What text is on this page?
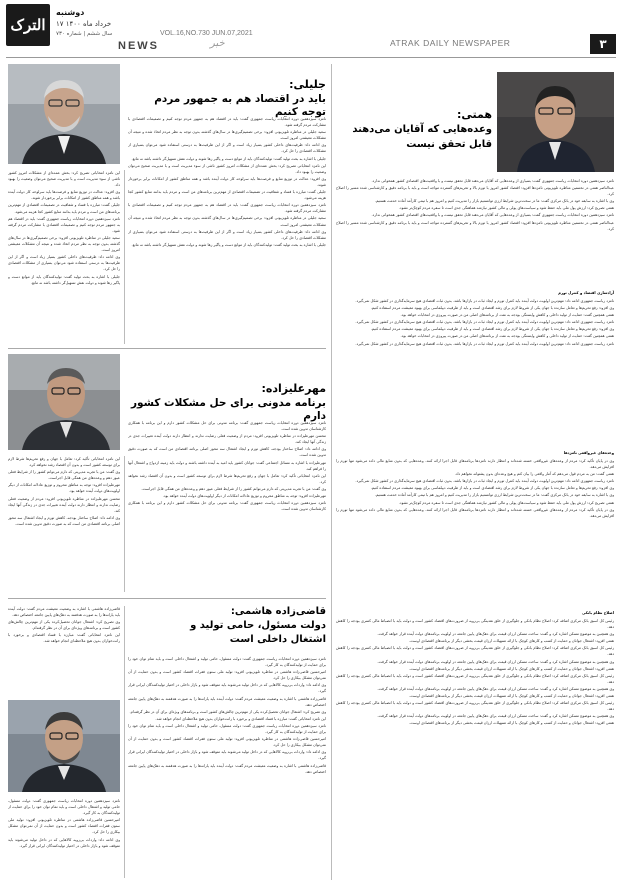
الترک
دوشنبه
۱۷ خرداد ماه ۱۴۰۰
سال ششم | شماره ۷۳۰	VOL.16,NO.730 JUN.07,2021
NEWS	خبر	ATRAK DAILY NEWSPAPER	۳
همتی:
وعده‌هایی که آقایان می‌دهند
قابل تحقق نیست

نامزد سیزدهمین دوره انتخابات ریاست جمهوری گفت: بسیاری از وعده‌هایی که آقایان می‌دهند قابل تحقق نیست و با واقعیت‌های اقتصادی کشور همخوانی ندارد.

عبدالناصر همتی در نخستین مناظره تلویزیونی نامزدها افزود: اقتصاد کشور امروز با تورم بالا و تحریم‌های گسترده مواجه است و باید با برنامه دقیق و کارشناسی شده مسیر را اصلاح کرد.

وی با اشاره به سابقه خود در بانک مرکزی گفت: ما در سخت‌ترین شرایط ارزی توانستیم بازار را مدیریت کنیم و امروز هم با تیمی کارآمد آماده خدمت هستیم.

همتی تصریح کرد: ارزش پول ملی باید حفظ شود و سیاست‌های پولی و مالی کشور نیازمند هماهنگی جدی است تا سفره مردم کوچک‌تر نشود.

نامزد سیزدهمین دوره انتخابات ریاست جمهوری گفت: بسیاری از وعده‌هایی که آقایان می‌دهند قابل تحقق نیست و با واقعیت‌های اقتصادی کشور همخوانی ندارد.

عبدالناصر همتی در نخستین مناظره تلویزیونی نامزدها افزود: اقتصاد کشور امروز با تورم بالا و تحریم‌های گسترده مواجه است و باید با برنامه دقیق و کارشناسی شده مسیر را اصلاح کرد.

آزادسازی اقتصاد و کنترل تورم

نامزد ریاست جمهوری ادامه داد: مهم‌ترین اولویت دولت آینده باید کنترل تورم و ایجاد ثبات در بازارها باشد. بدون ثبات اقتصادی هیچ سرمایه‌گذاری در کشور شکل نمی‌گیرد.

وی افزود: رفع تحریم‌ها و تعامل سازنده با جهان یکی از شروط لازم برای رشد اقتصادی است و باید از ظرفیت دیپلماسی برای بهبود معیشت مردم استفاده کنیم.

همتی همچنین گفت: حمایت از تولید داخلی و کاهش وابستگی بودجه به نفت از برنامه‌های اصلی من در صورت پیروزی در انتخابات خواهد بود.

نامزد ریاست جمهوری ادامه داد: مهم‌ترین اولویت دولت آینده باید کنترل تورم و ایجاد ثبات در بازارها باشد. بدون ثبات اقتصادی هیچ سرمایه‌گذاری در کشور شکل نمی‌گیرد.

وی افزود: رفع تحریم‌ها و تعامل سازنده با جهان یکی از شروط لازم برای رشد اقتصادی است و باید از ظرفیت دیپلماسی برای بهبود معیشت مردم استفاده کنیم.

همتی همچنین گفت: حمایت از تولید داخلی و کاهش وابستگی بودجه به نفت از برنامه‌های اصلی من در صورت پیروزی در انتخابات خواهد بود.

نامزد ریاست جمهوری ادامه داد: مهم‌ترین اولویت دولت آینده باید کنترل تورم و ایجاد ثبات در بازارها باشد. بدون ثبات اقتصادی هیچ سرمایه‌گذاری در کشور شکل نمی‌گیرد.

وعده‌های غیرواقعی نامزدها

وی در پایان تأکید کرد: مردم از وعده‌های غیرواقعی خسته شده‌اند و انتظار دارند نامزدها برنامه‌های قابل اجرا ارائه کنند. وعده‌هایی که بدون منابع مالی داده می‌شود تنها تورم را افزایش می‌دهد.

همتی گفت: من به مردم قول می‌دهم که آمار واقعی را بیان کنم و هیچ وعده‌ای بدون پشتوانه نخواهم داد.

نامزد ریاست جمهوری ادامه داد: مهم‌ترین اولویت دولت آینده باید کنترل تورم و ایجاد ثبات در بازارها باشد. بدون ثبات اقتصادی هیچ سرمایه‌گذاری در کشور شکل نمی‌گیرد.

وی افزود: رفع تحریم‌ها و تعامل سازنده با جهان یکی از شروط لازم برای رشد اقتصادی است و باید از ظرفیت دیپلماسی برای بهبود معیشت مردم استفاده کنیم.

وی با اشاره به سابقه خود در بانک مرکزی گفت: ما در سخت‌ترین شرایط ارزی توانستیم بازار را مدیریت کنیم و امروز هم با تیمی کارآمد آماده خدمت هستیم.

همتی تصریح کرد: ارزش پول ملی باید حفظ شود و سیاست‌های پولی و مالی کشور نیازمند هماهنگی جدی است تا سفره مردم کوچک‌تر نشود.

وی در پایان تأکید کرد: مردم از وعده‌های غیرواقعی خسته شده‌اند و انتظار دارند نامزدها برنامه‌های قابل اجرا ارائه کنند. وعده‌هایی که بدون منابع مالی داده می‌شود تنها تورم را افزایش می‌دهد.

اصلاح نظام بانکی

رئیس کل اسبق بانک مرکزی اضافه کرد: اصلاح نظام بانکی و جلوگیری از خلق نقدینگی بی‌رویه از ضرورت‌های اقتصاد کشور است و دولت باید با انضباط مالی کسری بودجه را کاهش دهد.

وی همچنین به موضوع مسکن اشاره کرد و گفت: ساخت مسکن ارزان قیمت برای دهک‌های پایین جامعه در اولویت برنامه‌های دولت آینده قرار خواهد گرفت.

همتی افزود: اشتغال جوانان و حمایت از کسب و کارهای کوچک با ارائه تسهیلات ارزان قیمت بخشی دیگر از برنامه‌های اقتصادی اوست.

رئیس کل اسبق بانک مرکزی اضافه کرد: اصلاح نظام بانکی و جلوگیری از خلق نقدینگی بی‌رویه از ضرورت‌های اقتصاد کشور است و دولت باید با انضباط مالی کسری بودجه را کاهش دهد.

وی همچنین به موضوع مسکن اشاره کرد و گفت: ساخت مسکن ارزان قیمت برای دهک‌های پایین جامعه در اولویت برنامه‌های دولت آینده قرار خواهد گرفت.

همتی افزود: اشتغال جوانان و حمایت از کسب و کارهای کوچک با ارائه تسهیلات ارزان قیمت بخشی دیگر از برنامه‌های اقتصادی اوست.

رئیس کل اسبق بانک مرکزی اضافه کرد: اصلاح نظام بانکی و جلوگیری از خلق نقدینگی بی‌رویه از ضرورت‌های اقتصاد کشور است و دولت باید با انضباط مالی کسری بودجه را کاهش دهد.

وی همچنین به موضوع مسکن اشاره کرد و گفت: ساخت مسکن ارزان قیمت برای دهک‌های پایین جامعه در اولویت برنامه‌های دولت آینده قرار خواهد گرفت.

همتی افزود: اشتغال جوانان و حمایت از کسب و کارهای کوچک با ارائه تسهیلات ارزان قیمت بخشی دیگر از برنامه‌های اقتصادی اوست.

رئیس کل اسبق بانک مرکزی اضافه کرد: اصلاح نظام بانکی و جلوگیری از خلق نقدینگی بی‌رویه از ضرورت‌های اقتصاد کشور است و دولت باید با انضباط مالی کسری بودجه را کاهش دهد.

وی همچنین به موضوع مسکن اشاره کرد و گفت: ساخت مسکن ارزان قیمت برای دهک‌های پایین جامعه در اولویت برنامه‌های دولت آینده قرار خواهد گرفت.

همتی افزود: اشتغال جوانان و حمایت از کسب و کارهای کوچک با ارائه تسهیلات ارزان قیمت بخشی دیگر از برنامه‌های اقتصادی اوست.

جلیلی:
باید در اقتصاد هم به جمهور مردم توجه کنیم

نامزد سیزدهمین دوره انتخابات ریاست جمهوری گفت: باید در اقتصاد هم به جمهور مردم توجه کنیم و تصمیمات اقتصادی با مشارکت مردم گرفته شود.

سعید جلیلی در مناظره تلویزیونی افزود: برخی تصمیم‌گیری‌ها در سال‌های گذشته بدون توجه به نظر مردم اتخاذ شده و نتیجه آن مشکلات معیشتی امروز است.

وی ادامه داد: ظرفیت‌های داخلی کشور بسیار زیاد است و اگر از این ظرفیت‌ها به درستی استفاده شود می‌توان بسیاری از مشکلات اقتصادی را حل کرد.

جلیلی با اشاره به بحث تولید گفت: تولیدکنندگان باید از موانع دست و پاگیر رها شوند و دولت نقش تسهیل‌گر داشته باشد نه مانع.

این نامزد انتخاباتی تصریح کرد: بخش عمده‌ای از مشکلات امروز کشور ناشی از سوء مدیریت است و با مدیریت صحیح می‌توان وضعیت را بهبود داد.

وی افزود: عدالت در توزیع منابع و فرصت‌ها باید سرلوحه کار دولت آینده باشد و همه مناطق کشور از امکانات برابر برخوردار شوند.

جلیلی گفت: مبارزه با فساد و شفافیت در تصمیمات اقتصادی از مهم‌ترین برنامه‌های من است و مردم باید بدانند منابع کشور کجا هزینه می‌شود.

نامزد سیزدهمین دوره انتخابات ریاست جمهوری گفت: باید در اقتصاد هم به جمهور مردم توجه کنیم و تصمیمات اقتصادی با مشارکت مردم گرفته شود.

سعید جلیلی در مناظره تلویزیونی افزود: برخی تصمیم‌گیری‌ها در سال‌های گذشته بدون توجه به نظر مردم اتخاذ شده و نتیجه آن مشکلات معیشتی امروز است.

وی ادامه داد: ظرفیت‌های داخلی کشور بسیار زیاد است و اگر از این ظرفیت‌ها به درستی استفاده شود می‌توان بسیاری از مشکلات اقتصادی را حل کرد.

جلیلی با اشاره به بحث تولید گفت: تولیدکنندگان باید از موانع دست و پاگیر رها شوند و دولت نقش تسهیل‌گر داشته باشد نه مانع.

این نامزد انتخاباتی تصریح کرد: بخش عمده‌ای از مشکلات امروز کشور ناشی از سوء مدیریت است و با مدیریت صحیح می‌توان وضعیت را بهبود داد.

وی افزود: عدالت در توزیع منابع و فرصت‌ها باید سرلوحه کار دولت آینده باشد و همه مناطق کشور از امکانات برابر برخوردار شوند.

جلیلی گفت: مبارزه با فساد و شفافیت در تصمیمات اقتصادی از مهم‌ترین برنامه‌های من است و مردم باید بدانند منابع کشور کجا هزینه می‌شود.

نامزد سیزدهمین دوره انتخابات ریاست جمهوری گفت: باید در اقتصاد هم به جمهور مردم توجه کنیم و تصمیمات اقتصادی با مشارکت مردم گرفته شود.

سعید جلیلی در مناظره تلویزیونی افزود: برخی تصمیم‌گیری‌ها در سال‌های گذشته بدون توجه به نظر مردم اتخاذ شده و نتیجه آن مشکلات معیشتی امروز است.

وی ادامه داد: ظرفیت‌های داخلی کشور بسیار زیاد است و اگر از این ظرفیت‌ها به درستی استفاده شود می‌توان بسیاری از مشکلات اقتصادی را حل کرد.

جلیلی با اشاره به بحث تولید گفت: تولیدکنندگان باید از موانع دست و پاگیر رها شوند و دولت نقش تسهیل‌گر داشته باشد نه مانع.

مهرعلیزاده:
برنامه مدونی برای حل مشکلات کشور دارم

نامزد سیزدهمین دوره انتخابات ریاست جمهوری گفت: برنامه مدونی برای حل مشکلات کشور دارم و این برنامه با همکاری کارشناسان تدوین شده است.

محسن مهرعلیزاده در مناظره تلویزیونی افزود: مردم از وضعیت فعلی رضایت ندارند و انتظار دارند دولت آینده تغییرات جدی در زندگی آنها ایجاد کند.

وی ادامه داد: اصلاح ساختار بودجه، کاهش تورم و ایجاد اشتغال سه محور اصلی برنامه اقتصادی من است که به صورت دقیق تدوین شده است.

مهرعلیزاده با اشاره به مسائل اجتماعی گفت: جوانان کشور باید امید به آینده داشته باشند و دولت باید زمینه ازدواج و اشتغال آنها را فراهم کند.

این نامزد انتخاباتی تأکید کرد: تعامل با جهان و رفع تحریم‌ها شرط لازم برای توسعه کشور است و بدون آن اقتصاد رشد نخواهد کرد.

وی گفت: من با تجربه مدیریتی که دارم می‌توانم کشور را از شرایط فعلی عبور دهم و وعده‌های من همگی قابل اجراست.

مهرعلیزاده افزود: توجه به مناطق محروم و توزیع عادلانه امکانات از دیگر اولویت‌های دولت آینده خواهد بود.

نامزد سیزدهمین دوره انتخابات ریاست جمهوری گفت: برنامه مدونی برای حل مشکلات کشور دارم و این برنامه با همکاری کارشناسان تدوین شده است.

این نامزد انتخاباتی تأکید کرد: تعامل با جهان و رفع تحریم‌ها شرط لازم برای توسعه کشور است و بدون آن اقتصاد رشد نخواهد کرد.

وی گفت: من با تجربه مدیریتی که دارم می‌توانم کشور را از شرایط فعلی عبور دهم و وعده‌های من همگی قابل اجراست.

مهرعلیزاده افزود: توجه به مناطق محروم و توزیع عادلانه امکانات از دیگر اولویت‌های دولت آینده خواهد بود.

محسن مهرعلیزاده در مناظره تلویزیونی افزود: مردم از وضعیت فعلی رضایت ندارند و انتظار دارند دولت آینده تغییرات جدی در زندگی آنها ایجاد کند.

وی ادامه داد: اصلاح ساختار بودجه، کاهش تورم و ایجاد اشتغال سه محور اصلی برنامه اقتصادی من است که به صورت دقیق تدوین شده است.

قاضی‌زاده هاشمی:
دولت مسئول، حامی تولید و
اشتغال داخلی است

قاضی‌زاده هاشمی با اشاره به وضعیت معیشت مردم گفت: دولت آینده باید یارانه‌ها را به صورت هدفمند به دهک‌های پایین جامعه اختصاص دهد.

وی تصریح کرد: اشتغال جوانان تحصیل‌کرده یکی از مهم‌ترین چالش‌های کشور است و برنامه‌های ویژه‌ای برای آن در نظر گرفته‌ام.

این نامزد انتخاباتی گفت: مبارزه با فساد اقتصادی و برخورد با رانت‌خواران بدون هیچ ملاحظه‌ای انجام خواهد شد.

نامزد سیزدهمین دوره انتخابات ریاست جمهوری گفت: دولت مسئول، حامی تولید و اشتغال داخلی است و باید تمام توان خود را برای حمایت از تولیدکنندگان به کار گیرد.

امیرحسین قاضی‌زاده هاشمی در مناظره تلویزیونی افزود: تولید ملی ستون فقرات اقتصاد کشور است و بدون حمایت از آن نمی‌توان مشکل بیکاری را حل کرد.

وی ادامه داد: واردات بی‌رویه کالاهایی که در داخل تولید می‌شوند باید متوقف شود و بازار داخلی در اختیار تولیدکنندگان ایرانی قرار گیرد.

قاضی‌زاده هاشمی با اشاره به وضعیت معیشت مردم گفت: دولت آینده باید یارانه‌ها را به صورت هدفمند به دهک‌های پایین جامعه اختصاص دهد.

وی تصریح کرد: اشتغال جوانان تحصیل‌کرده یکی از مهم‌ترین چالش‌های کشور است و برنامه‌های ویژه‌ای برای آن در نظر گرفته‌ام.

این نامزد انتخاباتی گفت: مبارزه با فساد اقتصادی و برخورد با رانت‌خواران بدون هیچ ملاحظه‌ای انجام خواهد شد.

نامزد سیزدهمین دوره انتخابات ریاست جمهوری گفت: دولت مسئول، حامی تولید و اشتغال داخلی است و باید تمام توان خود را برای حمایت از تولیدکنندگان به کار گیرد.

امیرحسین قاضی‌زاده هاشمی در مناظره تلویزیونی افزود: تولید ملی ستون فقرات اقتصاد کشور است و بدون حمایت از آن نمی‌توان مشکل بیکاری را حل کرد.

وی ادامه داد: واردات بی‌رویه کالاهایی که در داخل تولید می‌شوند باید متوقف شود و بازار داخلی در اختیار تولیدکنندگان ایرانی قرار گیرد.

قاضی‌زاده هاشمی با اشاره به وضعیت معیشت مردم گفت: دولت آینده باید یارانه‌ها را به صورت هدفمند به دهک‌های پایین جامعه اختصاص دهد.

نامزد سیزدهمین دوره انتخابات ریاست جمهوری گفت: دولت مسئول، حامی تولید و اشتغال داخلی است و باید تمام توان خود را برای حمایت از تولیدکنندگان به کار گیرد.

امیرحسین قاضی‌زاده هاشمی در مناظره تلویزیونی افزود: تولید ملی ستون فقرات اقتصاد کشور است و بدون حمایت از آن نمی‌توان مشکل بیکاری را حل کرد.

وی ادامه داد: واردات بی‌رویه کالاهایی که در داخل تولید می‌شوند باید متوقف شود و بازار داخلی در اختیار تولیدکنندگان ایرانی قرار گیرد.
